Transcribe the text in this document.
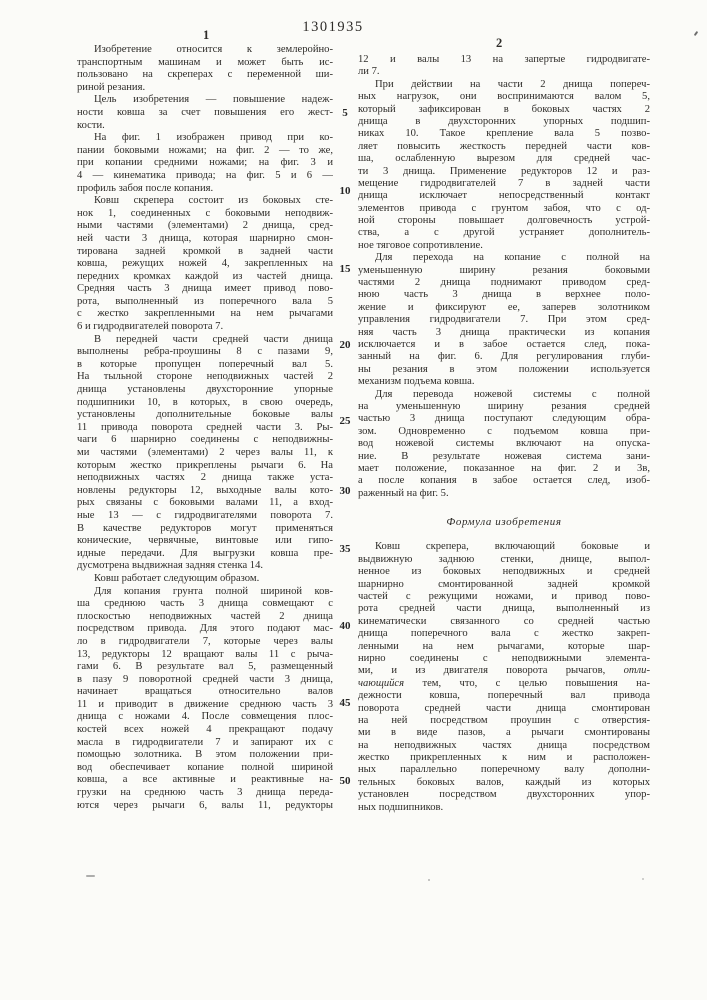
1301935
1
2
5
10
15
20
25
30
35
40
45
50
Изобретение относится к землеройно-
транспортным машинам и может быть ис-
пользовано на скреперах с переменной ши-
риной резания.
Цель изобретения — повышение надеж-
ности ковша за счет повышения его жест-
кости.
На фиг. 1 изображен привод при ко-
пании боковыми ножами; на фиг. 2 — то же,
при копании средними ножами; на фиг. 3 и
4 — кинематика привода; на фиг. 5 и 6 —
профиль забоя после копания.
Ковш скрепера состоит из боковых сте-
нок 1, соединенных с боковыми неподвиж-
ными частями (элементами) 2 днища, сред-
ней части 3 днища, которая шарнирно смон-
тирована задней кромкой в задней части
ковша, режущих ножей 4, закрепленных на
передних кромках каждой из частей днища.
Средняя часть 3 днища имеет привод пово-
рота, выполненный из поперечного вала 5
с жестко закрепленными на нем рычагами
6 и гидродвигателей поворота 7.
В передней части средней части днища
выполнены ребра-проушины 8 с пазами 9,
в которые пропущен поперечный вал 5.
На тыльной стороне неподвижных частей 2
днища установлены двухсторонние упорные
подшипники 10, в которых, в свою очередь,
установлены дополнительные боковые валы
11 привода поворота средней части 3. Ры-
чаги 6 шарнирно соединены с неподвижны-
ми частями (элементами) 2 через валы 11, к
которым жестко прикреплены рычаги 6. На
неподвижных частях 2 днища также уста-
новлены редукторы 12, выходные валы кото-
рых связаны с боковыми валами 11, а вход-
ные 13 — с гидродвигателями поворота 7.
В качестве редукторов могут применяться
конические, червячные, винтовые или гипо-
идные передачи. Для выгрузки ковша пре-
дусмотрена выдвижная задняя стенка 14.
Ковш работает следующим образом.
Для копания грунта полной шириной ков-
ша среднюю часть 3 днища совмещают с
плоскостью неподвижных частей 2 днища
посредством привода. Для этого подают мас-
ло в гидродвигатели 7, которые через валы
13, редукторы 12 вращают валы 11 с рыча-
гами 6. В результате вал 5, размещенный
в пазу 9 поворотной средней части 3 днища,
начинает вращаться относительно валов
11 и приводит в движение среднюю часть 3
днища с ножами 4. После совмещения плос-
костей всех ножей 4 прекращают подачу
масла в гидродвигатели 7 и запирают их с
помощью золотника. В этом положении при-
вод обеспечивает копание полной шириной
ковша, а все активные и реактивные на-
грузки на среднюю часть 3 днища переда-
ются через рычаги 6, валы 11, редукторы
12 и валы 13 на запертые гидродвигате-
ли 7.
При действии на части 2 днища попереч-
ных нагрузок, они воспринимаются валом 5,
который зафиксирован в боковых частях 2
днища в двухсторонних упорных подшип-
никах 10. Такое крепление вала 5 позво-
ляет повысить жесткость передней части ков-
ша, ослабленную вырезом для средней час-
ти 3 днища. Применение редукторов 12 и раз-
мещение гидродвигателей 7 в задней части
днища исключает непосредственный контакт
элементов привода с грунтом забоя, что с од-
ной стороны повышает долговечность устрой-
ства, а с другой устраняет дополнитель-
ное тяговое сопротивление.
Для перехода на копание с полной на
уменьшенную ширину резания боковыми
частями 2 днища поднимают приводом сред-
нюю часть 3 днища в верхнее поло-
жение и фиксируют ее, заперев золотником
управления гидродвигатели 7. При этом сред-
няя часть 3 днища практически из копания
исключается и в забое остается след, пока-
занный на фиг. 6. Для регулирования глуби-
ны резания в этом положении используется
механизм подъема ковша.
Для перевода ножевой системы с полной
на уменьшенную ширину резания средней
частью 3 днища поступают следующим обра-
зом. Одновременно с подъемом ковша при-
вод ножевой системы включают на опуска-
ние. В результате ножевая система зани-
мает положение, показанное на фиг. 2 и 3в,
а после копания в забое остается след, изоб-
раженный на фиг. 5.
Формула изобретения
Ковш скрепера, включающий боковые и
выдвижную заднюю стенки, днище, выпол-
ненное из боковых неподвижных и средней
шарнирно смонтированной задней кромкой
частей с режущими ножами, и привод пово-
рота средней части днища, выполненный из
кинематически связанного со средней частью
днища поперечного вала с жестко закреп-
ленными на нем рычагами, которые шар-
нирно соединены с неподвижными элемента-
ми, и из двигателя поворота рычагов, отли-
чающийся тем, что, с целью повышения на-
дежности ковша, поперечный вал привода
поворота средней части днища смонтирован
на ней посредством проушин с отверстия-
ми в виде пазов, а рычаги смонтированы
на неподвижных частях днища посредством
жестко прикрепленных к ним и расположен-
ных параллельно поперечному валу дополни-
тельных боковых валов, каждый из которых
установлен посредством двухсторонних упор-
ных подшипников.
